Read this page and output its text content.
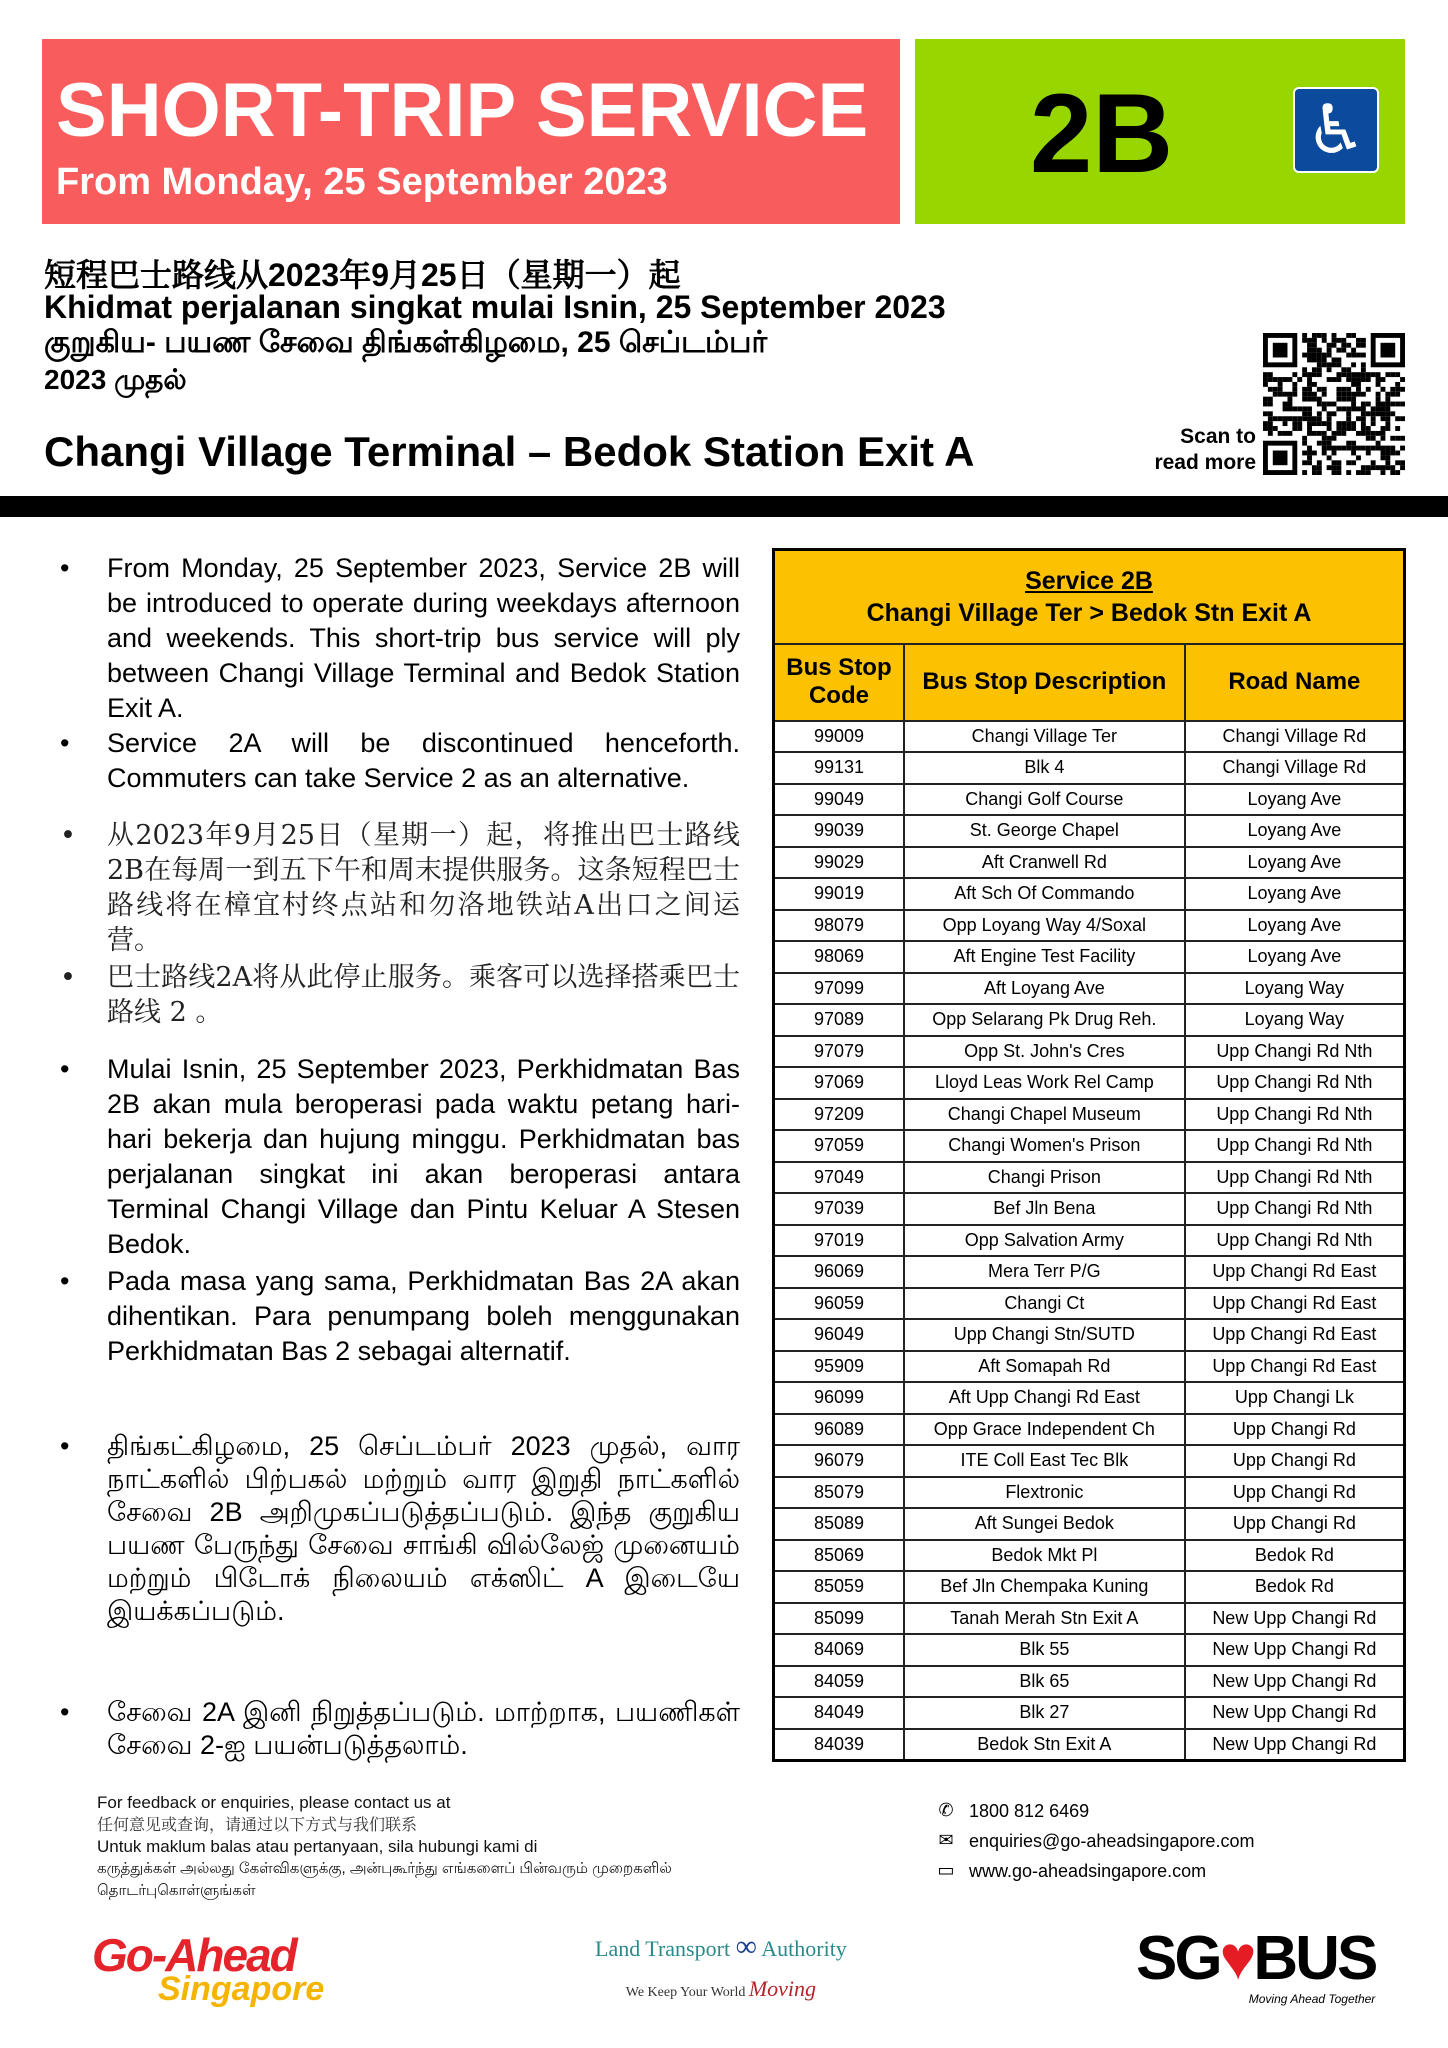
SHORT-TRIP SERVICE
From Monday, 25 September 2023	2B ♿
短程巴士路线从2023年9月25日（星期一）起
Khidmat perjalanan singkat mulai Isnin, 25 September 2023
குறுகிய- பயண சேவை திங்கள்கிழமை, 25 செப்டம்பர்
2023 முதல்
Changi Village Terminal – Bedok Station Exit A	Scan to
read more
• From Monday, 25 September 2023, Service 2B will be introduced to operate during weekdays afternoon and weekends. This short-trip bus service will ply between Changi Village Terminal and Bedok Station Exit A.
• Service 2A will be discontinued henceforth. Commuters can take Service 2 as an alternative.
• 从2023年9月25日（星期一）起，将推出巴士路线2B在每周一到五下午和周末提供服务。这条短程巴士路线将在樟宜村终点站和勿洛地铁站A出口之间运营。
• 巴士路线2A将从此停止服务。乘客可以选择搭乘巴士路线 2 。
• Mulai Isnin, 25 September 2023, Perkhidmatan Bas 2B akan mula beroperasi pada waktu petang hari-hari bekerja dan hujung minggu. Perkhidmatan bas perjalanan singkat ini akan beroperasi antara Terminal Changi Village dan Pintu Keluar A Stesen Bedok.
• Pada masa yang sama, Perkhidmatan Bas 2A akan dihentikan. Para penumpang boleh menggunakan Perkhidmatan Bas 2 sebagai alternatif.
• திங்கட்கிழமை, 25 செப்டம்பர் 2023 முதல், வார நாட்களில் பிற்பகல் மற்றும் வார இறுதி நாட்களில் சேவை 2B அறிமுகப்படுத்தப்படும். இந்த குறுகிய பயண பேருந்து சேவை சாங்கி வில்லேஜ் முனையம் மற்றும் பிடோக் நிலையம் எக்ஸிட் A இடையே இயக்கப்படும்.
• சேவை 2A இனி நிறுத்தப்படும். மாற்றாக, பயணிகள் சேவை 2-ஐ பயன்படுத்தலாம்.
Service 2B
Changi Village Ter > Bedok Stn Exit A		
Bus Stop Code	Bus Stop Description	Road Name
99009	Changi Village Ter	Changi Village Rd
99131	Blk 4	Changi Village Rd
99049	Changi Golf Course	Loyang Ave
99039	St. George Chapel	Loyang Ave
99029	Aft Cranwell Rd	Loyang Ave
99019	Aft Sch Of Commando	Loyang Ave
98079	Opp Loyang Way 4/Soxal	Loyang Ave
98069	Aft Engine Test Facility	Loyang Ave
97099	Aft Loyang Ave	Loyang Way
97089	Opp Selarang Pk Drug Reh.	Loyang Way
97079	Opp St. John's Cres	Upp Changi Rd Nth
97069	Lloyd Leas Work Rel Camp	Upp Changi Rd Nth
97209	Changi Chapel Museum	Upp Changi Rd Nth
97059	Changi Women's Prison	Upp Changi Rd Nth
97049	Changi Prison	Upp Changi Rd Nth
97039	Bef Jln Bena	Upp Changi Rd Nth
97019	Opp Salvation Army	Upp Changi Rd Nth
96069	Mera Terr P/G	Upp Changi Rd East
96059	Changi Ct	Upp Changi Rd East
96049	Upp Changi Stn/SUTD	Upp Changi Rd East
95909	Aft Somapah Rd	Upp Changi Rd East
96099	Aft Upp Changi Rd East	Upp Changi Lk
96089	Opp Grace Independent Ch	Upp Changi Rd
96079	ITE Coll East Tec Blk	Upp Changi Rd
85079	Flextronic	Upp Changi Rd
85089	Aft Sungei Bedok	Upp Changi Rd
85069	Bedok Mkt Pl	Bedok Rd
85059	Bef Jln Chempaka Kuning	Bedok Rd
85099	Tanah Merah Stn Exit A	New Upp Changi Rd
84069	Blk 55	New Upp Changi Rd
84059	Blk 65	New Upp Changi Rd
84049	Blk 27	New Upp Changi Rd
84039	Bedok Stn Exit A	New Upp Changi Rd
For feedback or enquiries, please contact us at
任何意见或查询，请通过以下方式与我们联系
Untuk maklum balas atau pertanyaan, sila hubungi kami di
கருத்துக்கள் அல்லது கேள்விகளுக்கு, அன்புகூர்ந்து எங்களைப் பின்வரும் முறைகளில்
தொடர்புகொள்ளுங்கள்
✆ 1800 812 6469
✉ enquiries@go-aheadsingapore.com
▭ www.go-aheadsingapore.com
Go-Ahead
Singapore
Land Transport ∞ Authority
We Keep Your World Moving	SG♥BUS
Moving Ahead Together
